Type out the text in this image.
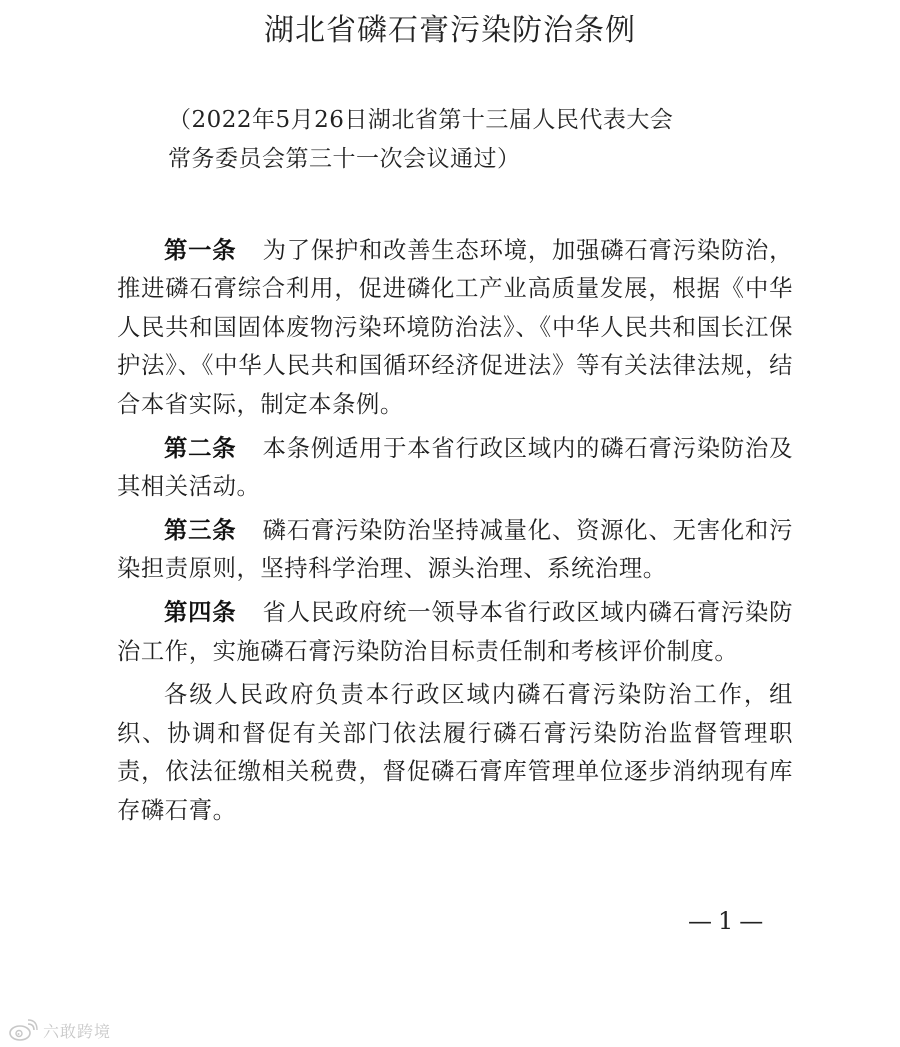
湖北省磷石膏污染防治条例
（2022年5月26日湖北省第十三届人民代表大会
常务委员会第三十一次会议通过）

第一条 为了保护和改善生态环境，加强磷石膏污染防治，推进磷石膏综合利用，促进磷化工产业高质量发展，根据《中华人民共和国固体废物污染环境防治法》、《中华人民共和国长江保护法》、《中华人民共和国循环经济促进法》等有关法律法规，结合本省实际，制定本条例。

第二条 本条例适用于本省行政区域内的磷石膏污染防治及其相关活动。

第三条 磷石膏污染防治坚持减量化、资源化、无害化和污染担责原则，坚持科学治理、源头治理、系统治理。

第四条 省人民政府统一领导本省行政区域内磷石膏污染防治工作，实施磷石膏污染防治目标责任制和考核评价制度。

各级人民政府负责本行政区域内磷石膏污染防治工作，组织、协调和督促有关部门依法履行磷石膏污染防治监督管理职责，依法征缴相关税费，督促磷石膏库管理单位逐步消纳现有库存磷石膏。

—1—
六敢跨境
